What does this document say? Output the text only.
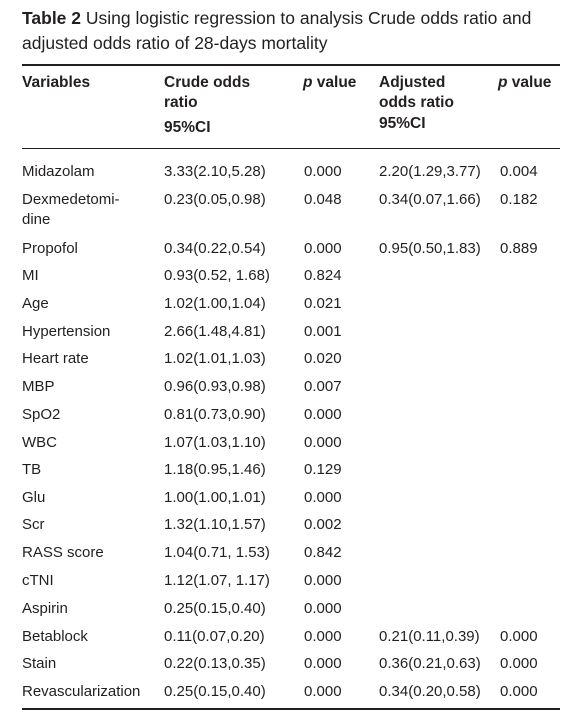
Table 2 Using logistic regression to analysis Crude odds ratio and adjusted odds ratio of 28-days mortality
Variables	Crude odds
ratio
95%CI
p value Adjusted
odds ratio
95%CI
p value
Midazolam	3.33(2.10,5.28)	0.000 2.20(1.29,3.77) 0.004
Dexmedetomi-	0.23(0.05,0.98)	0.048 0.34(0.07,1.66) 0.182
dine
Propofol	0.34(0.22,0.54)	0.000 0.95(0.50,1.83) 0.889
MI	0.93(0.52, 1.68) 0.824
Age	1.02(1.00,1.04)	0.021
Hypertension	2.66(1.48,4.81)	0.001
Heart rate	1.02(1.01,1.03)	0.020
MBP	0.96(0.93,0.98)	0.007
SpO2	0.81(0.73,0.90)	0.000
WBC	1.07(1.03,1.10)	0.000
TB	1.18(0.95,1.46)	0.129
Glu	1.00(1.00,1.01)	0.000
Scr	1.32(1.10,1.57)	0.002
RASS score	1.04(0.71, 1.53) 0.842
cTNI	1.12(1.07, 1.17) 0.000
Aspirin	0.25(0.15,0.40)	0.000
Betablock	0.11(0.07,0.20)	0.000 0.21(0.11,0.39) 0.000
Stain	0.22(0.13,0.35)	0.000 0.36(0.21,0.63) 0.000
Revascularization 0.25(0.15,0.40)	0.000 0.34(0.20,0.58) 0.000
